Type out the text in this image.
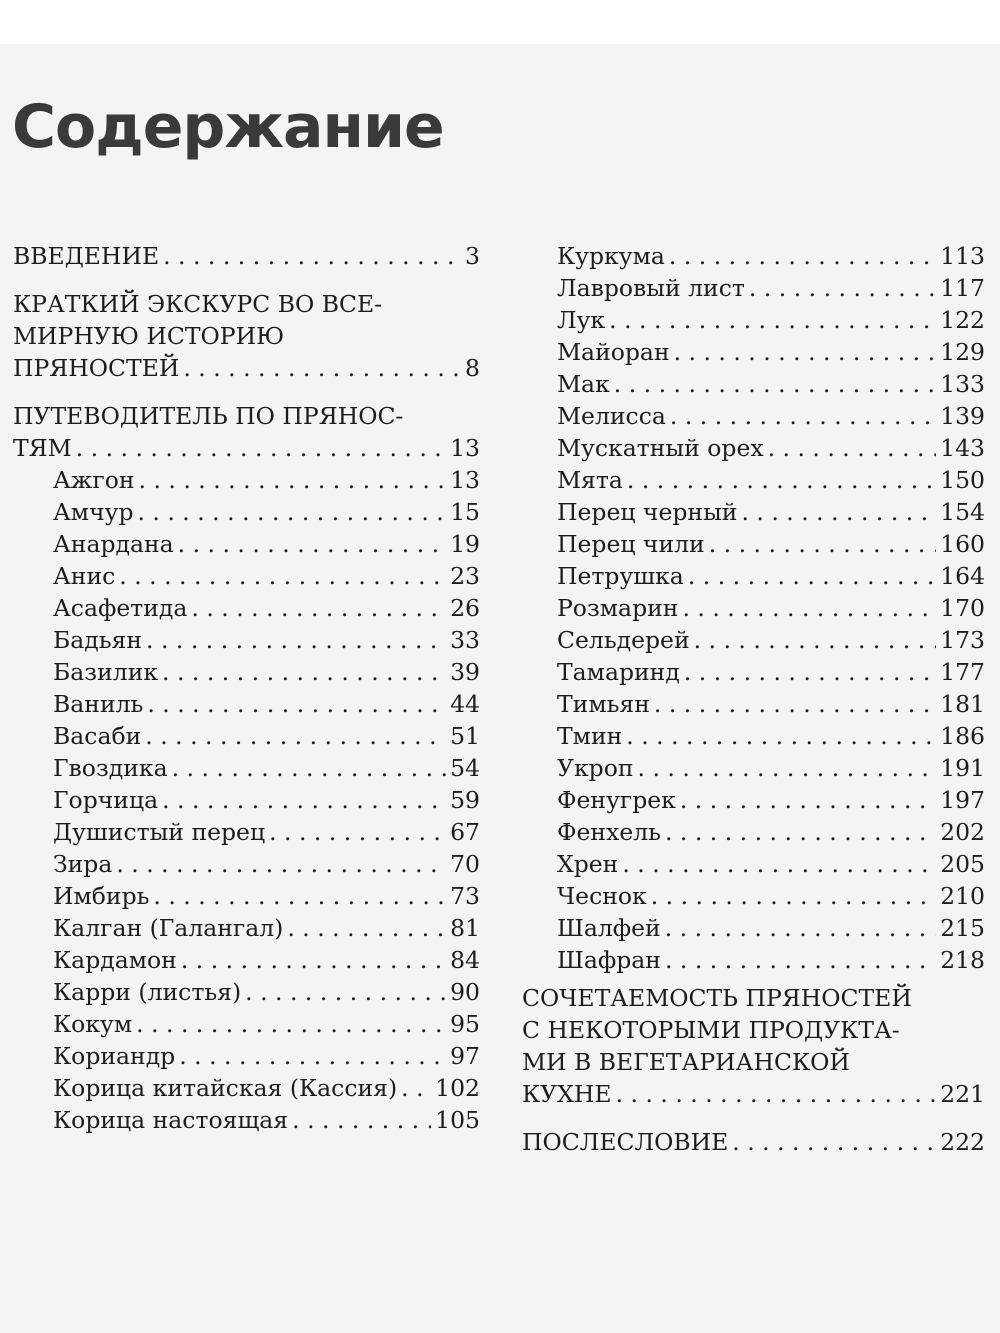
Содержание
ВВЕДЕНИЕ . . .	3
КРАТКИЙ ЭКСКУРС ВО ВСЕ-
МИРНУЮ ИСТОРИЮ
ПРЯНОСТЕЙ . . .	8
ПУТЕВОДИТЕЛЬ ПО ПРЯНОС-
ТЯМ . . .	13
Ажгон . . .	13
Амчур . . .	15
Анардана . . .	19
Анис . . .	23
Асафетида . . .	26
Бадьян . . .	33
Базилик . . .	39
Ваниль . . .	44
Васаби . . .	51
Гвоздика . . .	54
Горчица . . .	59
Душистый перец . . .	67
Зира . . .	70
Имбирь . . .	73
Калган (Галангал) . . .	81
Кардамон . . .	84
Карри (листья) . . .	90
Кокум . . .	95
Кориандр . . .	97
Корица китайская (Кассия) . . . 102
Корица настоящая . . .	105
Куркума . . .	113
Лавровый лист . . .	117
Лук . . .	122
Майоран . . .	129
Мак . . .	133
Мелисса . . .	139
Мускатный орех . . .	143
Мята . . .	150
Перец черный . . .	154
Перец чили . . .	160
Петрушка . . .	164
Розмарин . . .	170
Сельдерей . . .	173
Тамаринд . . .	177
Тимьян . . .	181
Тмин . . .	186
Укроп . . .	191
Фенугрек . . .	197
Фенхель . . .	202
Хрен . . .	205
Чеснок . . .	210
Шалфей . . .	215
Шафран . . .	218
СОЧЕТАЕМОСТЬ ПРЯНОСТЕЙ
С НЕКОТОРЫМИ ПРОДУКТА-
МИ В ВЕГЕТАРИАНСКОЙ
КУХНЕ . . .	221
ПОСЛЕСЛОВИЕ . . .	222
